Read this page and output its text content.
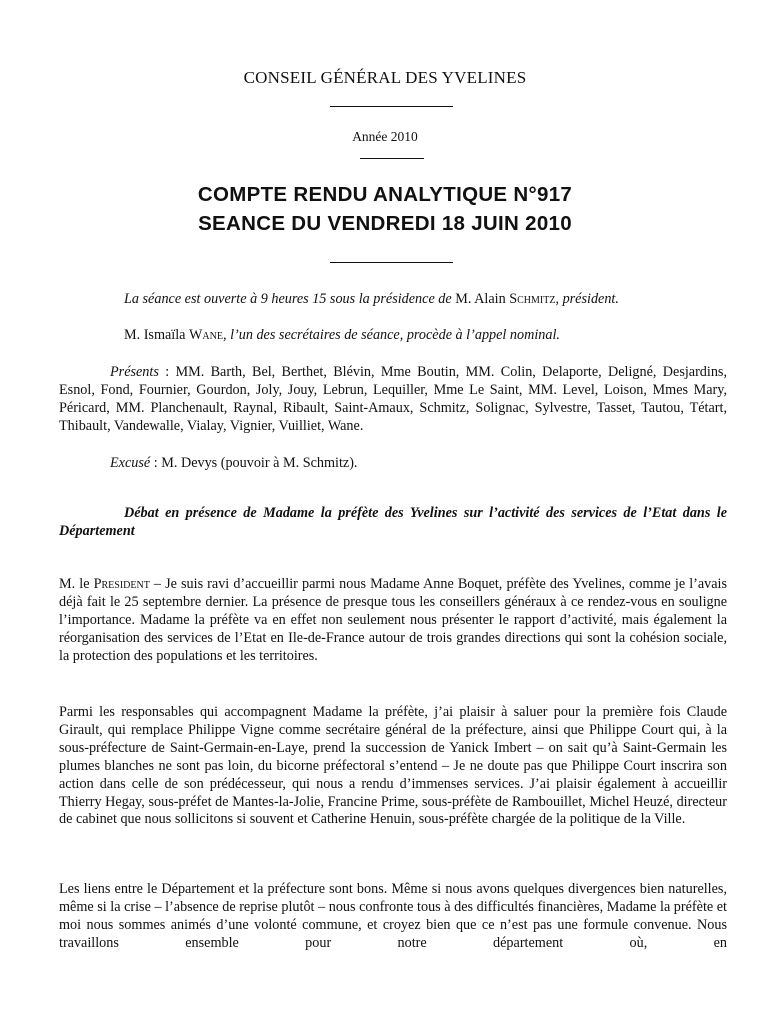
CONSEIL GÉNÉRAL DES YVELINES
Année 2010
COMPTE RENDU ANALYTIQUE N°917
SEANCE DU VENDREDI 18 JUIN 2010
La séance est ouverte à 9 heures 15 sous la présidence de M. Alain Schmitz, président.
M. Ismaïla Wane, l’un des secrétaires de séance, procède à l’appel nominal.
Présents : MM. Barth, Bel, Berthet, Blévin, Mme Boutin, MM. Colin, Delaporte, Deligné, Desjardins, Esnol, Fond, Fournier, Gourdon, Joly, Jouy, Lebrun, Lequiller, Mme Le Saint, MM. Level, Loison, Mmes Mary, Péricard, MM. Planchenault, Raynal, Ribault, Saint-Amaux, Schmitz, Solignac, Sylvestre, Tasset, Tautou, Tétart, Thibault, Vandewalle, Vialay, Vignier, Vuilliet, Wane.
Excusé : M. Devys (pouvoir à M. Schmitz).
Débat en présence de Madame la préfète des Yvelines sur l’activité des services de l’Etat dans le Département
M. le President – Je suis ravi d’accueillir parmi nous Madame Anne Boquet, préfète des Yvelines, comme je l’avais déjà fait le 25 septembre dernier. La présence de presque tous les conseillers généraux à ce rendez-vous en souligne l’importance. Madame la préfète va en effet non seulement nous présenter le rapport d’activité, mais également la réorganisation des services de l’Etat en Ile-de-France autour de trois grandes directions qui sont la cohésion sociale, la protection des populations et les territoires.
Parmi les responsables qui accompagnent Madame la préfète, j’ai plaisir à saluer pour la première fois Claude Girault, qui remplace Philippe Vigne comme secrétaire général de la préfecture, ainsi que Philippe Court qui, à la sous-préfecture de Saint-Germain-en-Laye, prend la succession de Yanick Imbert – on sait qu’à Saint-Germain les plumes blanches ne sont pas loin, du bicorne préfectoral s’entend – Je ne doute pas que Philippe Court inscrira son action dans celle de son prédécesseur, qui nous a rendu d’immenses services. J’ai plaisir également à accueillir Thierry Hegay, sous-préfet de Mantes-la-Jolie, Francine Prime, sous-préfète de Rambouillet, Michel Heuzé, directeur de cabinet que nous sollicitons si souvent et Catherine Henuin, sous-préfète chargée de la politique de la Ville.
Les liens entre le Département et la préfecture sont bons. Même si nous avons quelques divergences bien naturelles, même si la crise – l’absence de reprise plutôt – nous confronte tous à des difficultés financières, Madame la préfète et moi nous sommes animés d’une volonté commune, et croyez bien que ce n’est pas une formule convenue. Nous travaillons ensemble pour notre département où, en
